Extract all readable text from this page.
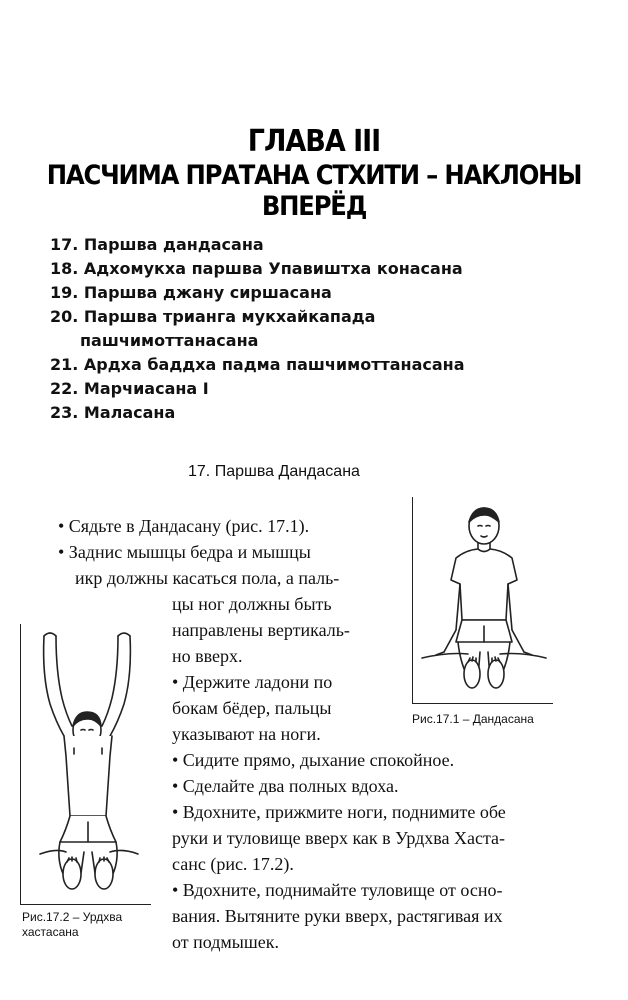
ГЛАВА III
ПАСЧИМА ПРАТАНА СТХИТИ – НАКЛОНЫ ВПЕРЁД
17. Паршва дандасана
18. Адхомукха паршва Упавиштха конасана
19. Паршва джану сиршасана
20. Паршва трианга мукхайкапада
пашчимоттанасана
21. Ардха баддха падма пашчимоттанасана
22. Марчиасана I
23. Маласана
17. Паршва Дандасана
• Сядьте в Дандасану (рис. 17.1).
• Заднис мышцы бедра и мышцы
икр должны касаться пола, а паль-
цы ног должны быть
направлены вертикаль-
но вверх.
• Держите ладони по
бокам бёдер, пальцы
указывают на ноги.
• Сидите прямо, дыхание спокойное.
• Сделайте два полных вдоха.
• Вдохните, прижмите ноги, поднимите обе
руки и туловище вверх как в Урдхва Хаста-
санс (рис. 17.2).
• Вдохните, поднимайте туловище от осно-
вания. Вытяните руки вверх, растягивая их
от подмышек.
Рис.17.1 – Дандасана
Рис.17.2 – Урдхва
хастасана
